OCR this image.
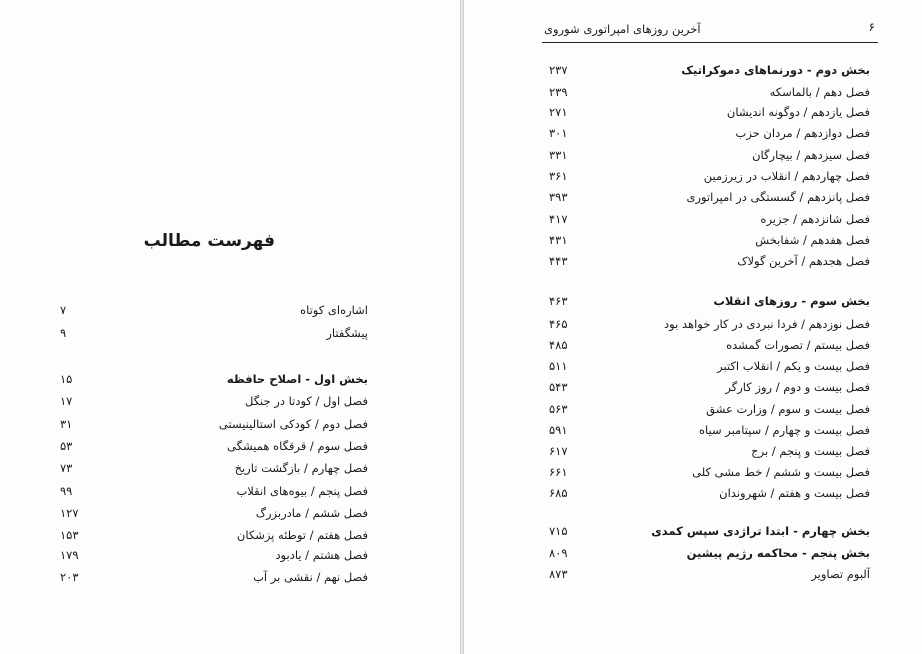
فهرست مطالب
اشاره‌ای کوتاه
۷
پیشگفتار
۹
بخش اول - اصلاح حافظه
۱۵
فصل اول / کودتا در جنگل
۱۷
فصل دوم / کودکی استالینیستی
۳۱
فصل سوم / قرقگاه همیشگی
۵۳
فصل چهارم / بازگشت تاریخ
۷۳
فصل پنجم / بیوه‌های انقلاب
۹۹
فصل ششم / مادربزرگ
۱۲۷
فصل هفتم / توطئه پزشکان
۱۵۳
فصل هشتم / یادبود
۱۷۹
فصل نهم / نقشی بر آب
۲۰۳
۶
آخرین روزهای امپراتوری شوروی
بخش دوم - دورنماهای دموکراتیک
۲۳۷
فصل دهم / بالماسکه
۲۳۹
فصل یازدهم / دوگونه اندیشان
۲۷۱
فصل دوازدهم / مردان حزب
۳۰۱
فصل سیزدهم / بیچارگان
۳۳۱
فصل چهاردهم / انقلاب در زیرزمین
۳۶۱
فصل پانزدهم / گسستگی در امپراتوری
۳۹۳
فصل شانزدهم / جزیره
۴۱۷
فصل هفدهم / شفابخش
۴۳۱
فصل هجدهم / آخرین گولاک
۴۴۳
بخش سوم - روزهای انقلاب
۴۶۳
فصل نوزدهم / فردا نبردی در کار خواهد بود
۴۶۵
فصل بیستم / تصورات گمشده
۴۸۵
فصل بیست و یکم / انقلاب اکتبر
۵۱۱
فصل بیست و دوم / روز کارگر
۵۴۳
فصل بیست و سوم / وزارت عشق
۵۶۳
فصل بیست و چهارم / سپتامبر سیاه
۵۹۱
فصل بیست و پنجم / برج
۶۱۷
فصل بیست و ششم / خط مشی کلی
۶۶۱
فصل بیست و هفتم / شهروندان
۶۸۵
بخش چهارم - ابتدا تراژدی سپس کمدی
۷۱۵
بخش پنجم - محاکمه رژیم پیشین
۸۰۹
آلبوم تصاویر
۸۷۳
